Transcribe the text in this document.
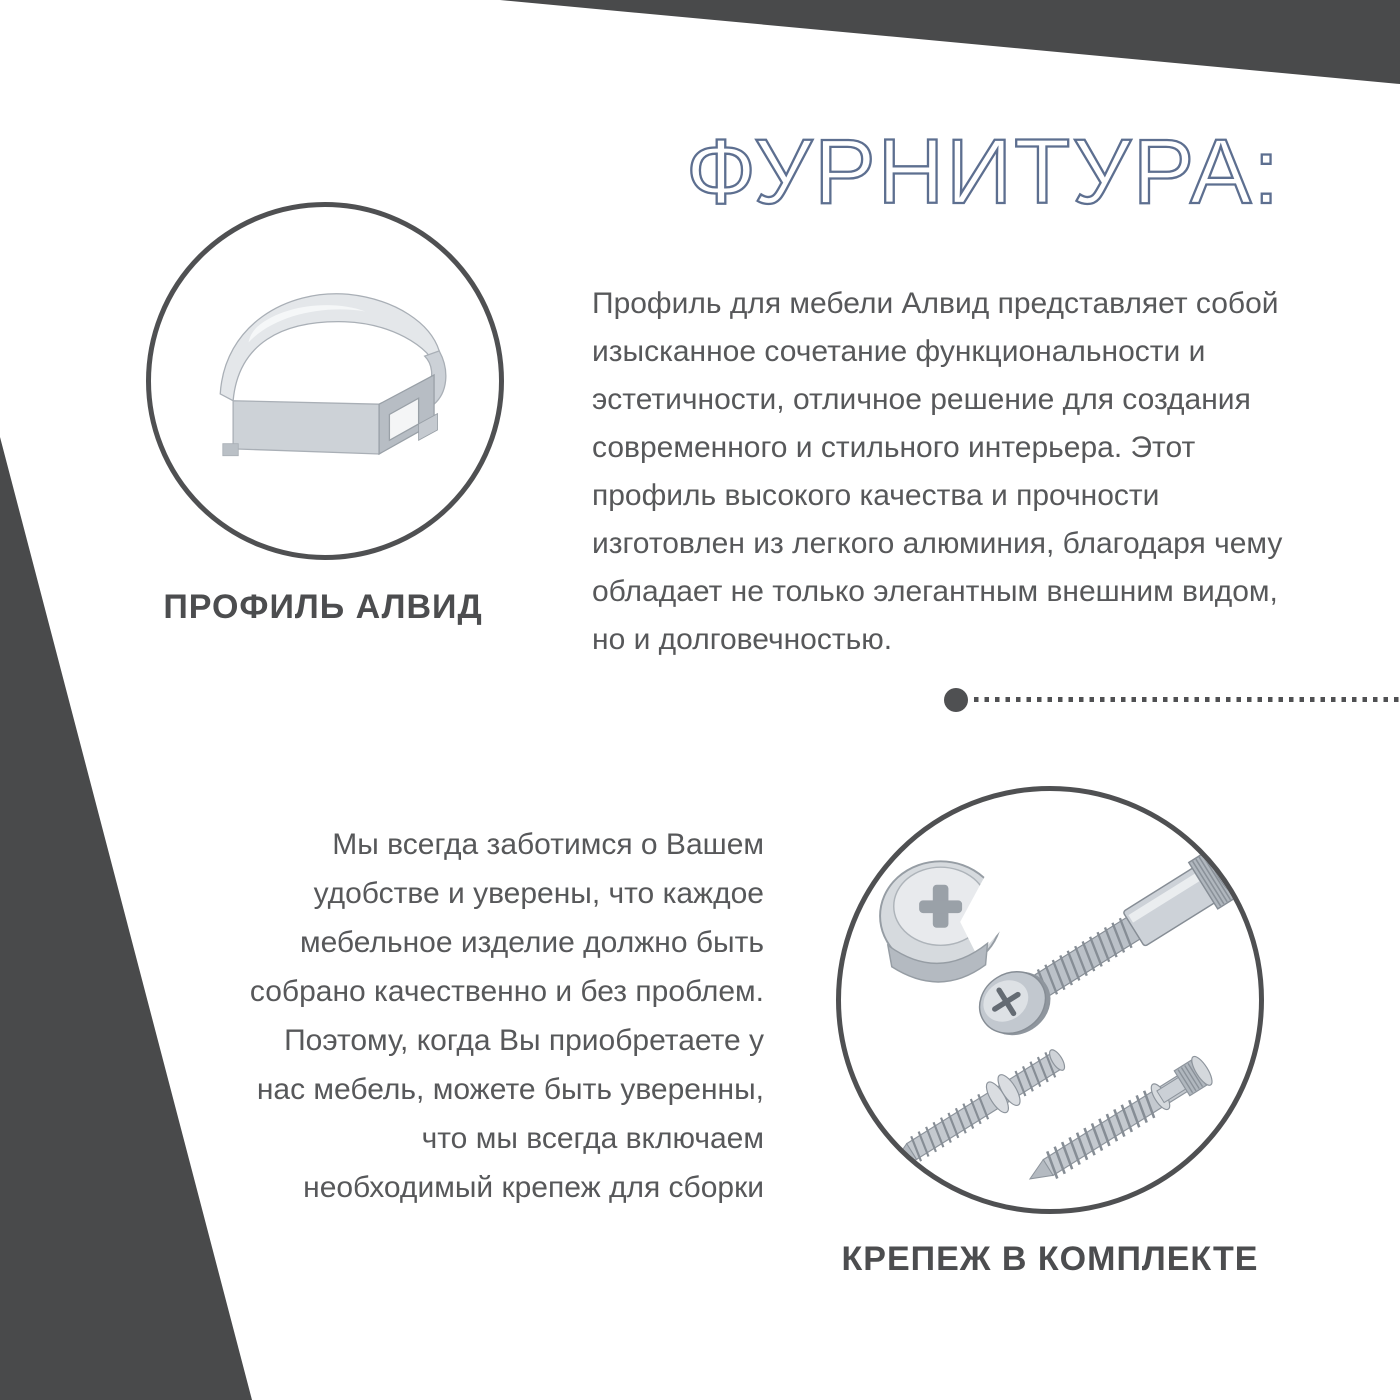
ФУРНИТУРА:
ПРОФИЛЬ АЛВИД
Профиль для мебели Алвид представляет собой
изысканное сочетание функциональности и
эстетичности, отличное решение для создания
современного и стильного интерьера. Этот
профиль высокого качества и прочности
изготовлен из легкого алюминия, благодаря чему
обладает не только элегантным внешним видом,
но и долговечностью.
Мы всегда заботимся о Вашем
удобстве и уверены, что каждое
мебельное изделие должно быть
собрано качественно и без проблем.
Поэтому, когда Вы приобретаете у
нас мебель, можете быть уверенны,
что мы всегда включаем
необходимый крепеж для сборки
КРЕПЕЖ В КОМПЛЕКТЕ
